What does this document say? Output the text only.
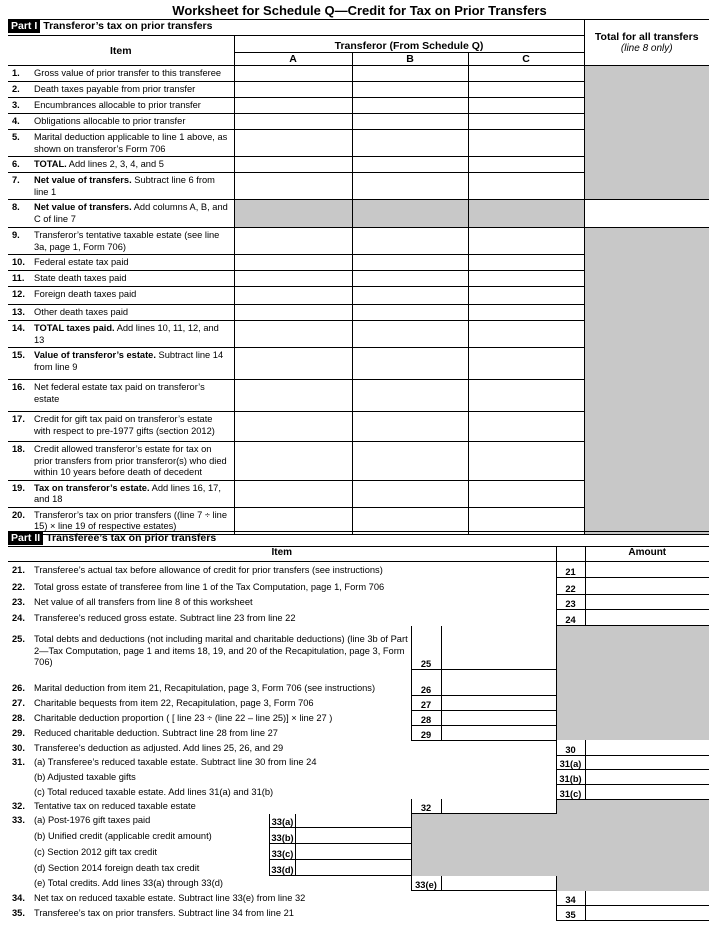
Worksheet for Schedule Q—Credit for Tax on Prior Transfers
Part I Transferor’s tax on prior transfers				Total for all transfers
(line 8 only)

Item	Transferor (From Schedule Q)			
	A	B	C	

1. Gross value of prior transfer to this transferee				

2. Death taxes payable from prior transfer				

3. Encumbrances allocable to prior transfer				

4. Obligations allocable to prior transfer				

5. Marital deduction applicable to line 1 above, as shown on transferor’s Form 706				

6. TOTAL. Add lines 2, 3, 4, and 5				

7. Net value of transfers. Subtract line 6 from line 1				

8. Net value of transfers. Add columns A, B, and C of line 7				

9. Transferor’s tentative taxable estate (see line 3a, page 1, Form 706)				

10. Federal estate tax paid				

11. State death taxes paid				

12. Foreign death taxes paid				

13. Other death taxes paid				

14. TOTAL taxes paid. Add lines 10, 11, 12, and 13				

15. Value of transferor’s estate. Subtract line 14 from line 9				

16. Net federal estate tax paid on transferor’s estate				

17. Credit for gift tax paid on transferor’s estate with respect to pre-1977 gifts (section 2012)				

18. Credit allowed transferor’s estate for tax on prior transfers from prior transferor(s) who died within 10 years before death of decedent				

19. Tax on transferor’s estate. Add lines 16, 17, and 18				

20. Transferor’s tax on prior transfers ((line 7 ÷ line 15) × line 19 of respective estates)				

Part II Transferee’s tax on prior transfers				
Item				Amount

21. Transferee’s actual tax before allowance of credit for prior transfers (see instructions)			21	

22. Total gross estate of transferee from line 1 of the Tax Computation, page 1, Form 706			22	

23. Net value of all transfers from line 8 of this worksheet			23	

24. Transferee’s reduced gross estate. Subtract line 23 from line 22			24	

25. Total debts and deductions (not including marital and charitable deductions) (line 3b of Part 2—Tax Computation, page 1 and items 18, 19, and 20 of the Recapitulation, page 3, Form 706)	25			

26. Marital deduction from item 21, Recapitulation, page 3, Form 706 (see instructions)	26			

27. Charitable bequests from item 22, Recapitulation, page 3, Form 706	27			

28. Charitable deduction proportion ( [ line 23 ÷ (line 22 – line 25)] × line 27 )	28			

29. Reduced charitable deduction. Subtract line 28 from line 27	29			

30. Transferee’s deduction as adjusted. Add lines 25, 26, and 29			30	

31. (a) Transferee’s reduced taxable estate. Subtract line 30 from line 24			31(a)	

(b) Adjusted taxable gifts			31(b)	

(c) Total reduced taxable estate. Add lines 31(a) and 31(b)			31(c)	

32. Tentative tax on reduced taxable estate	32			

33. (a) Post-1976 gift taxes paid 33(a)				

(b) Unified credit (applicable credit amount) 33(b)				

(c) Section 2012 gift tax credit 33(c)				

(d) Section 2014 foreign death tax credit 33(d)				

(e) Total credits. Add lines 33(a) through 33(d)	33(e)			

34. Net tax on reduced taxable estate. Subtract line 33(e) from line 32			34	

35. Transferee’s tax on prior transfers. Subtract line 34 from line 21			35	
